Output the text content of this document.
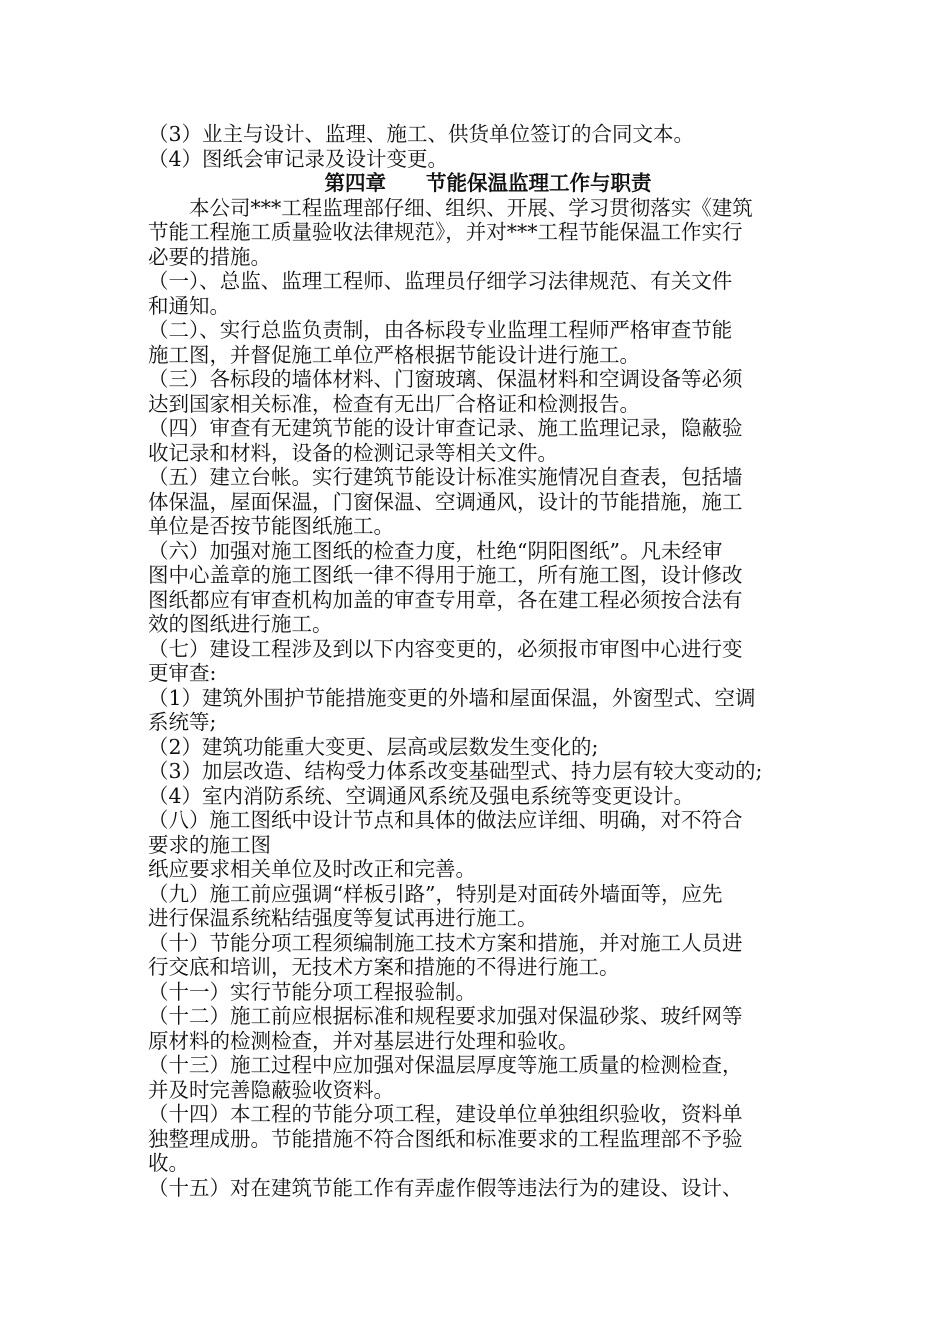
（3）业主与设计、监理、施工、供货单位签订的合同文本。
（4）图纸会审记录及设计变更。
第四章 节能保温监理工作与职责
本公司***工程监理部仔细、组织、开展、学习贯彻落实《建筑
节能工程施工质量验收法律规范》，并对***工程节能保温工作实行
必要的措施。
（一）、总监、监理工程师、监理员仔细学习法律规范、有关文件
和通知。
（二）、实行总监负责制，由各标段专业监理工程师严格审查节能
施工图，并督促施工单位严格根据节能设计进行施工。
（三）各标段的墙体材料、门窗玻璃、保温材料和空调设备等必须
达到国家相关标准，检查有无出厂合格证和检测报告。
（四）审查有无建筑节能的设计审查记录、施工监理记录，隐蔽验
收记录和材料，设备的检测记录等相关文件。
（五）建立台帐。实行建筑节能设计标准实施情况自查表，包括墙
体保温，屋面保温，门窗保温、空调通风，设计的节能措施，施工
单位是否按节能图纸施工。
（六）加强对施工图纸的检查力度，杜绝“阴阳图纸”。凡未经审
图中心盖章的施工图纸一律不得用于施工，所有施工图，设计修改
图纸都应有审查机构加盖的审查专用章，各在建工程必须按合法有
效的图纸进行施工。
（七）建设工程涉及到以下内容变更的，必须报市审图中心进行变
更审查:
（1）建筑外围护节能措施变更的外墙和屋面保温，外窗型式、空调
系统等;
（2）建筑功能重大变更、层高或层数发生变化的;
（3）加层改造、结构受力体系改变基础型式、持力层有较大变动的;
（4）室内消防系统、空调通风系统及强电系统等变更设计。
（八）施工图纸中设计节点和具体的做法应详细、明确，对不符合
要求的施工图
纸应要求相关单位及时改正和完善。
（九）施工前应强调“样板引路”，特别是对面砖外墙面等，应先
进行保温系统粘结强度等复试再进行施工。
（十）节能分项工程须编制施工技术方案和措施，并对施工人员进
行交底和培训，无技术方案和措施的不得进行施工。
（十一）实行节能分项工程报验制。
（十二）施工前应根据标准和规程要求加强对保温砂浆、玻纤网等
原材料的检测检查，并对基层进行处理和验收。
（十三）施工过程中应加强对保温层厚度等施工质量的检测检查，
并及时完善隐蔽验收资料。
（十四）本工程的节能分项工程，建设单位单独组织验收，资料单
独整理成册。节能措施不符合图纸和标准要求的工程监理部不予验
收。
（十五）对在建筑节能工作有弄虚作假等违法行为的建设、设计、
